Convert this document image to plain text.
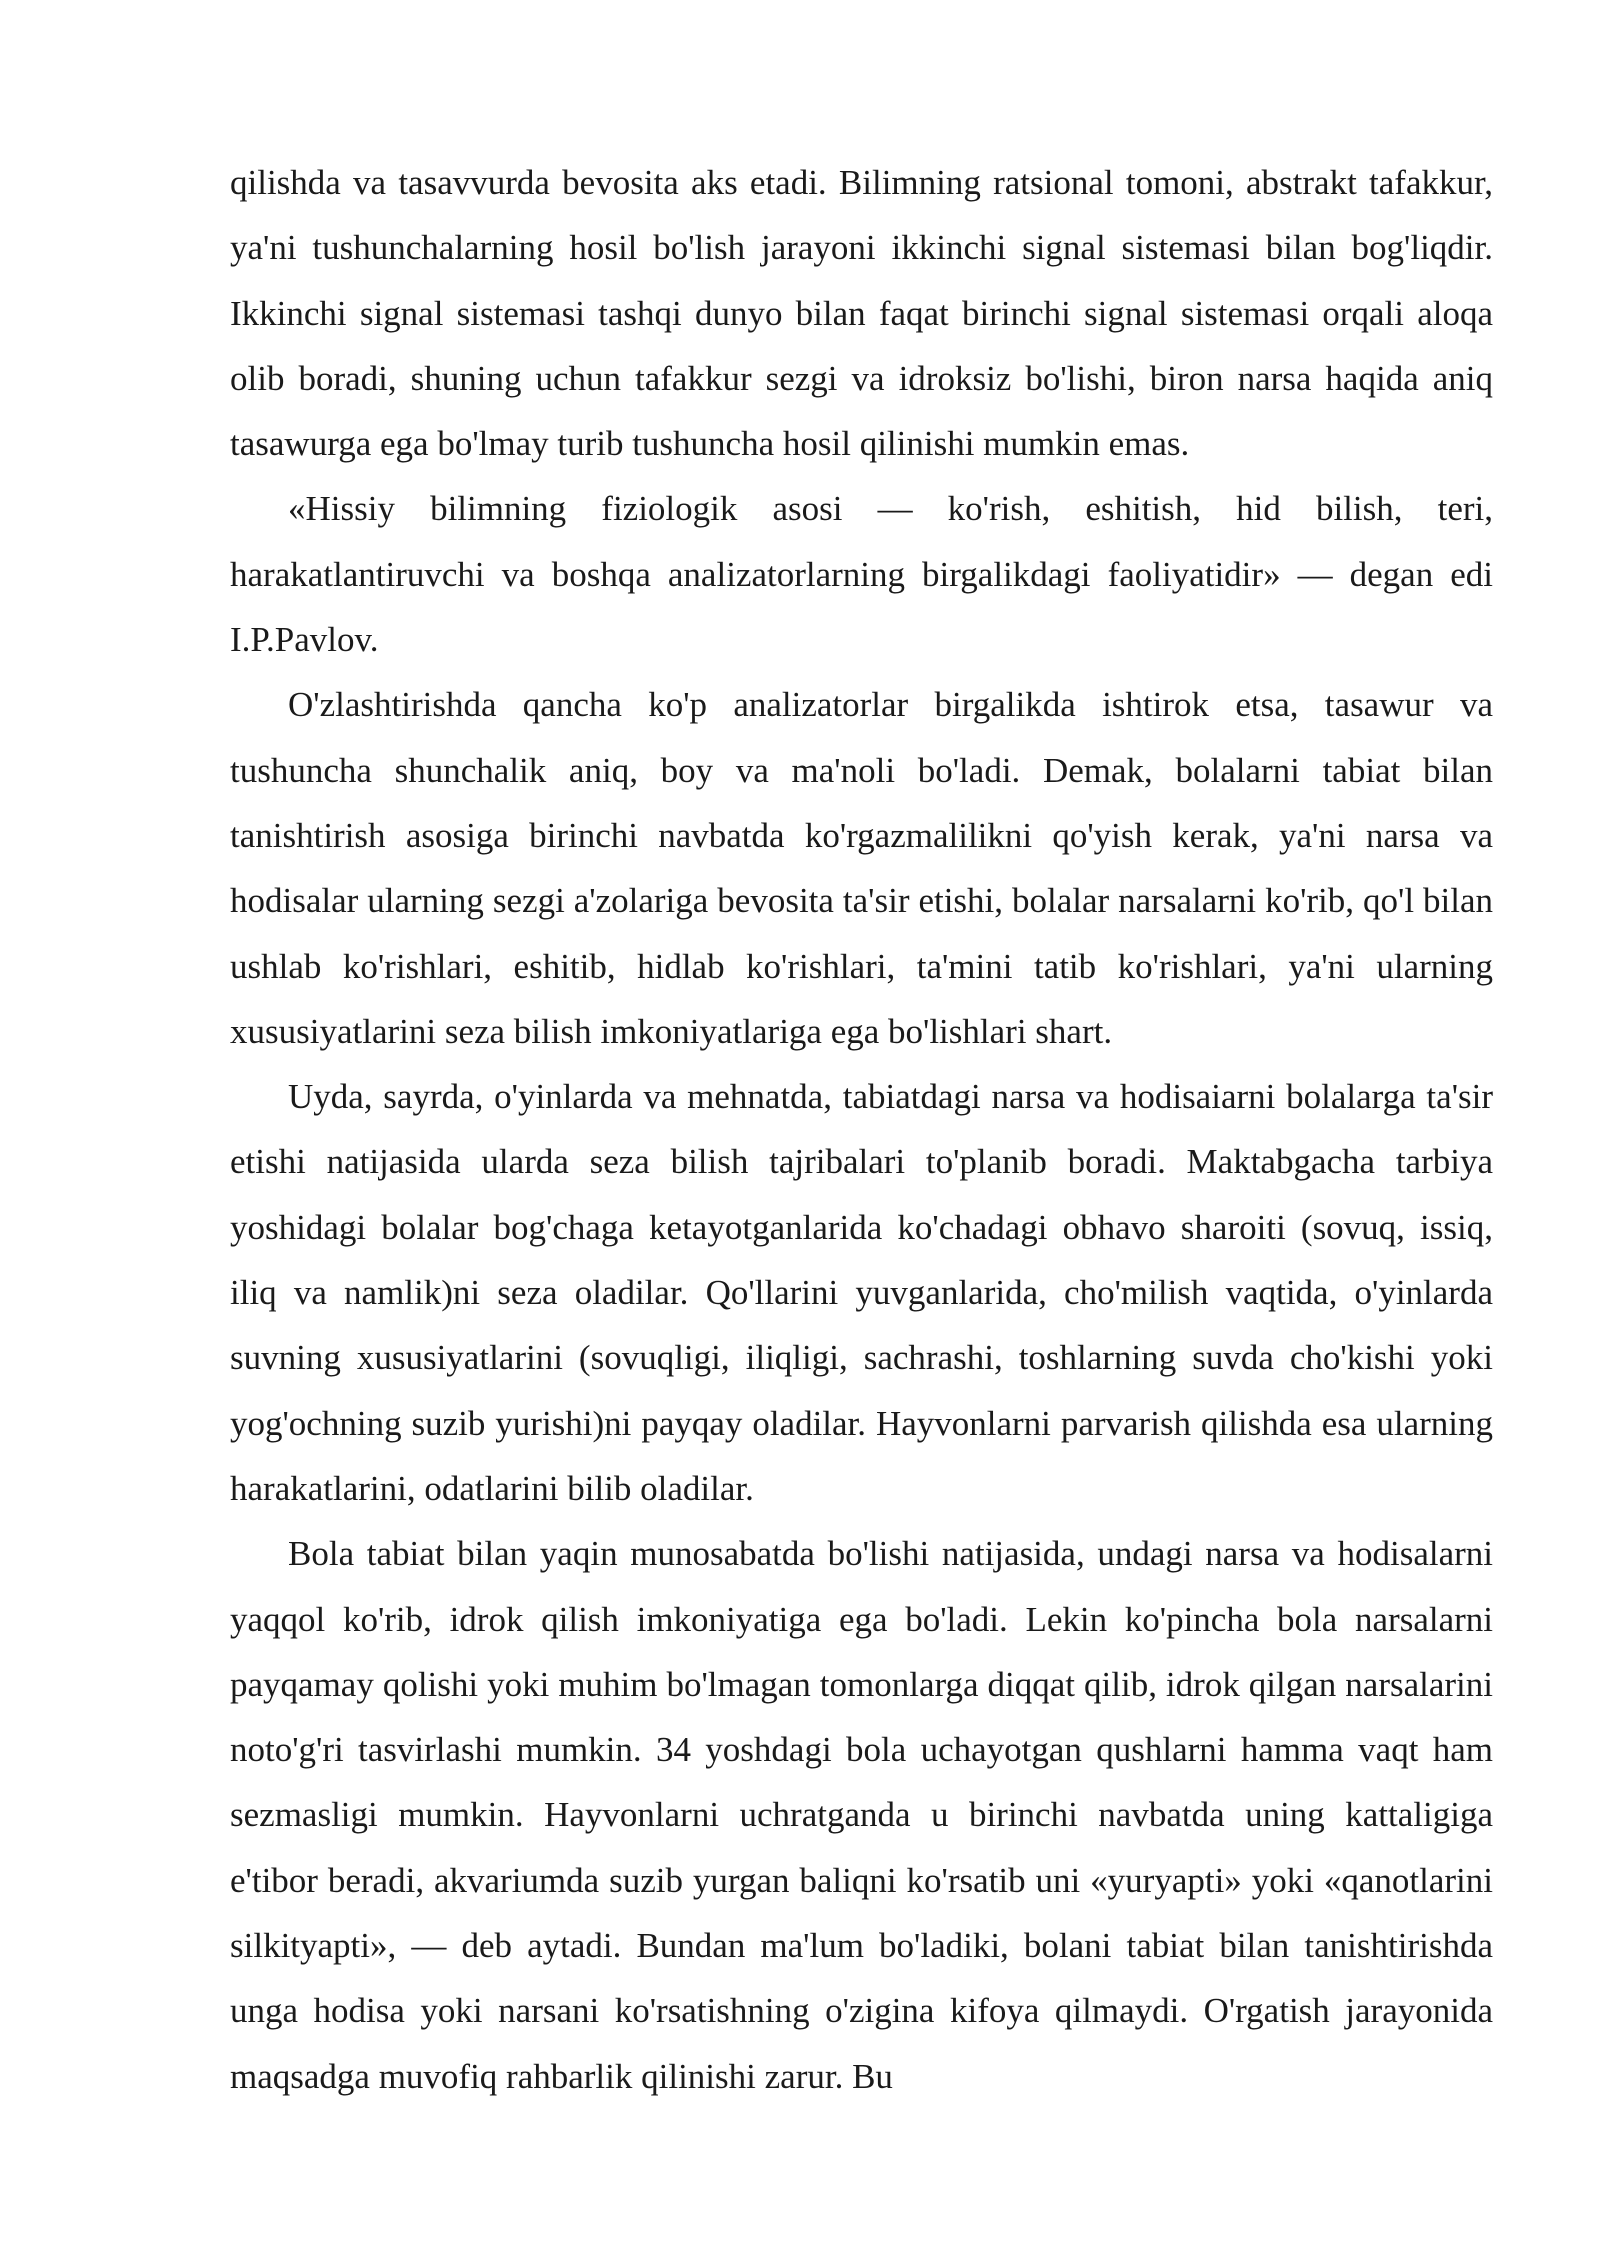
qilishda va tasavvurda bevosita aks etadi. Bilimning ratsional tomoni, abstrakt tafakkur, ya'ni tushunchalarning hosil bo'lish jarayoni ikkinchi signal sistemasi bilan bog'liqdir. Ikkinchi signal sistemasi tashqi dunyo bilan faqat birinchi signal sistemasi orqali aloqa olib boradi, shuning uchun tafakkur sezgi va idroksiz bo'lishi, biron narsa haqida aniq tasawurga ega bo'lmay turib tushuncha hosil qilinishi mumkin emas.

«Hissiy bilimning fiziologik asosi — ko'rish, eshitish, hid bilish, teri, harakatlantiruvchi va boshqa analizatorlarning birgalikdagi faoliyatidir» — degan edi I.P.Pavlov.

O'zlashtirishda qancha ko'p analizatorlar birgalikda ishtirok etsa, tasawur va tushuncha shunchalik aniq, boy va ma'noli bo'ladi. Demak, bolalarni tabiat bilan tanishtirish asosiga birinchi navbatda ko'rgazmalilikni qo'yish kerak, ya'ni narsa va hodisalar ularning sezgi a'zolariga bevosita ta'sir etishi, bolalar narsalarni ko'rib, qo'l bilan ushlab ko'rishlari, eshitib, hidlab ko'rishlari, ta'mini tatib ko'rishlari, ya'ni ularning xususiyatlarini seza bilish imkoniyatlariga ega bo'lishlari shart.

Uyda, sayrda, o'yinlarda va mehnatda, tabiatdagi narsa va hodisaiarni bolalarga ta'sir etishi natijasida ularda seza bilish tajribalari to'planib boradi. Maktabgacha tarbiya yoshidagi bolalar bog'chaga ketayotganlarida ko'chadagi obhavo sharoiti (sovuq, issiq, iliq va namlik)ni seza oladilar. Qo'llarini yuvganlarida, cho'milish vaqtida, o'yinlarda suvning xususiyatlarini (sovuqligi, iliqligi, sachrashi, toshlarning suvda cho'kishi yoki yog'ochning suzib yurishi)ni payqay oladilar. Hayvonlarni parvarish qilishda esa ularning harakatlarini, odatlarini bilib oladilar.

Bola tabiat bilan yaqin munosabatda bo'lishi natijasida, undagi narsa va hodisalarni yaqqol ko'rib, idrok qilish imkoniyatiga ega bo'ladi. Lekin ko'pincha bola narsalarni payqamay qolishi yoki muhim bo'lmagan tomonlarga diqqat qilib, idrok qilgan narsalarini noto'g'ri tasvirlashi mumkin. 34 yoshdagi bola uchayotgan qushlarni hamma vaqt ham sezmasligi mumkin. Hayvonlarni uchratganda u birinchi navbatda uning kattaligiga e'tibor beradi, akvariumda suzib yurgan baliqni ko'rsatib uni «yuryapti» yoki «qanotlarini silkityapti», — deb aytadi. Bundan ma'lum bo'ladiki, bolani tabiat bilan tanishtirishda unga hodisa yoki narsani ko'rsatishning o'zigina kifoya qilmaydi. O'rgatish jarayonida maqsadga muvofiq rahbarlik qilinishi zarur. Bu
